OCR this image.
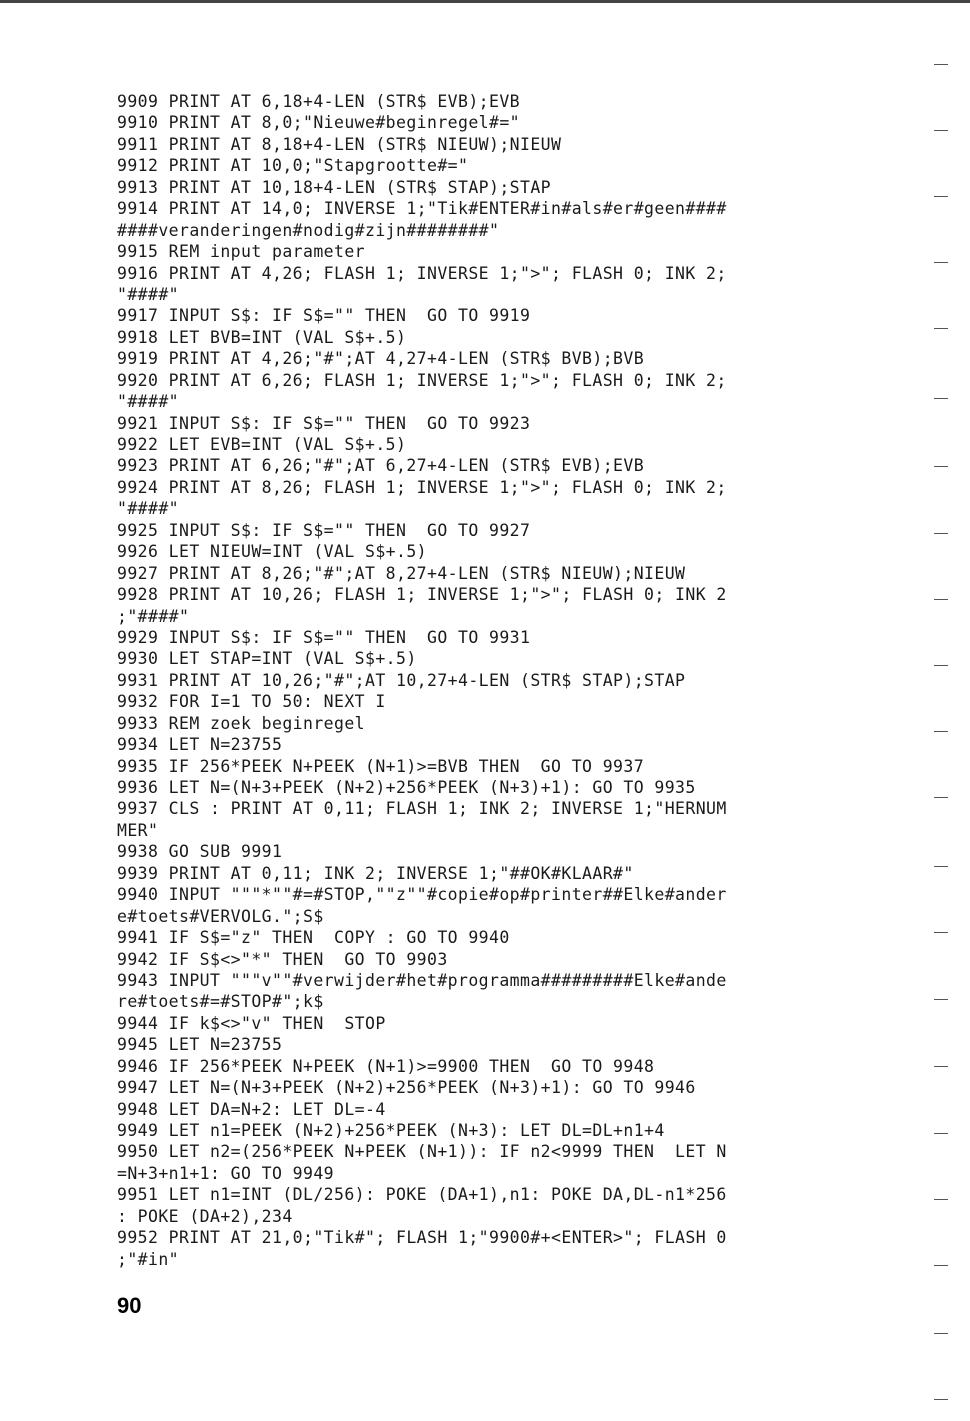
9909 PRINT AT 6,18+4-LEN (STR$ EVB);EVB
9910 PRINT AT 8,0;"Nieuwe#beginregel#="
9911 PRINT AT 8,18+4-LEN (STR$ NIEUW);NIEUW
9912 PRINT AT 10,0;"Stapgrootte#="
9913 PRINT AT 10,18+4-LEN (STR$ STAP);STAP
9914 PRINT AT 14,0; INVERSE 1;"Tik#ENTER#in#als#er#geen####
####veranderingen#nodig#zijn########"
9915 REM input parameter
9916 PRINT AT 4,26; FLASH 1; INVERSE 1;">"; FLASH 0; INK 2;
"####"
9917 INPUT S$: IF S$="" THEN  GO TO 9919
9918 LET BVB=INT (VAL S$+.5)
9919 PRINT AT 4,26;"#";AT 4,27+4-LEN (STR$ BVB);BVB
9920 PRINT AT 6,26; FLASH 1; INVERSE 1;">"; FLASH 0; INK 2;
"####"
9921 INPUT S$: IF S$="" THEN  GO TO 9923
9922 LET EVB=INT (VAL S$+.5)
9923 PRINT AT 6,26;"#";AT 6,27+4-LEN (STR$ EVB);EVB
9924 PRINT AT 8,26; FLASH 1; INVERSE 1;">"; FLASH 0; INK 2;
"####"
9925 INPUT S$: IF S$="" THEN  GO TO 9927
9926 LET NIEUW=INT (VAL S$+.5)
9927 PRINT AT 8,26;"#";AT 8,27+4-LEN (STR$ NIEUW);NIEUW
9928 PRINT AT 10,26; FLASH 1; INVERSE 1;">"; FLASH 0; INK 2
;"####"
9929 INPUT S$: IF S$="" THEN  GO TO 9931
9930 LET STAP=INT (VAL S$+.5)
9931 PRINT AT 10,26;"#";AT 10,27+4-LEN (STR$ STAP);STAP
9932 FOR I=1 TO 50: NEXT I
9933 REM zoek beginregel
9934 LET N=23755
9935 IF 256*PEEK N+PEEK (N+1)>=BVB THEN  GO TO 9937
9936 LET N=(N+3+PEEK (N+2)+256*PEEK (N+3)+1): GO TO 9935
9937 CLS : PRINT AT 0,11; FLASH 1; INK 2; INVERSE 1;"HERNUM
MER"
9938 GO SUB 9991
9939 PRINT AT 0,11; INK 2; INVERSE 1;"##OK#KLAAR#"
9940 INPUT """*""#=#STOP,""z""#copie#op#printer##Elke#ander
e#toets#VERVOLG.";S$
9941 IF S$="z" THEN  COPY : GO TO 9940
9942 IF S$<>"*" THEN  GO TO 9903
9943 INPUT """v""#verwijder#het#programma#########Elke#ande
re#toets#=#STOP#";k$
9944 IF k$<>"v" THEN  STOP
9945 LET N=23755
9946 IF 256*PEEK N+PEEK (N+1)>=9900 THEN  GO TO 9948
9947 LET N=(N+3+PEEK (N+2)+256*PEEK (N+3)+1): GO TO 9946
9948 LET DA=N+2: LET DL=-4
9949 LET n1=PEEK (N+2)+256*PEEK (N+3): LET DL=DL+n1+4
9950 LET n2=(256*PEEK N+PEEK (N+1)): IF n2<9999 THEN  LET N
=N+3+n1+1: GO TO 9949
9951 LET n1=INT (DL/256): POKE (DA+1),n1: POKE DA,DL-n1*256
: POKE (DA+2),234
9952 PRINT AT 21,0;"Tik#"; FLASH 1;"9900#+<ENTER>"; FLASH 0
;"#in"
90
